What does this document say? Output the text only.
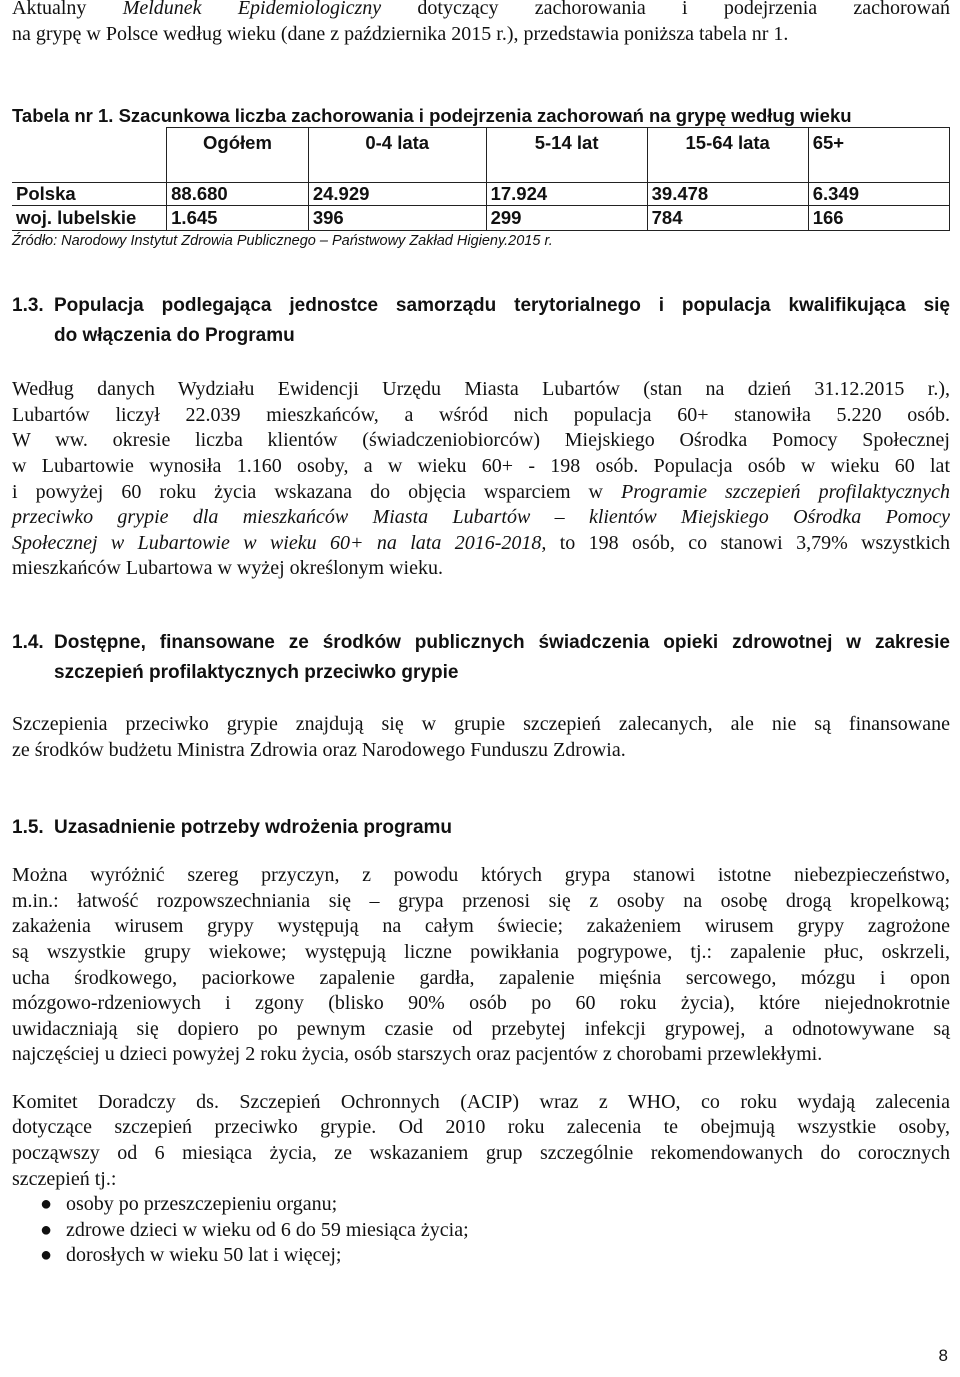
Aktualny Meldunek Epidemiologiczny dotyczący zachorowania i podejrzenia zachorowań
na grypę w Polsce według wieku (dane z października 2015 r.), przedstawia poniższa tabela nr 1.
Tabela nr 1. Szacunkowa liczba zachorowania i podejrzenia zachorowań na grypę według wieku
	Ogółem	0-4 lata	5-14 lat	15-64 lata	65+
Polska	88.680	24.929	17.924	39.478	6.349
woj. lubelskie	1.645	396	299	784	166
Źródło: Narodowy Instytut Zdrowia Publicznego – Państwowy Zakład Higieny.2015 r.
1.3. Populacja podlegająca jednostce samorządu terytorialnego i populacja kwalifikująca się
do włączenia do Programu
Według danych Wydziału Ewidencji Urzędu Miasta Lubartów (stan na dzień 31.12.2015 r.),
Lubartów liczył 22.039 mieszkańców, a wśród nich populacja 60+ stanowiła 5.220 osób.
W ww. okresie liczba klientów (świadczeniobiorców) Miejskiego Ośrodka Pomocy Społecznej
w Lubartowie wynosiła 1.160 osoby, a w wieku 60+ - 198 osób. Populacja osób w wieku 60 lat
i powyżej 60 roku życia wskazana do objęcia wsparciem w Programie szczepień profilaktycznych
przeciwko grypie dla mieszkańców Miasta Lubartów – klientów Miejskiego Ośrodka Pomocy
Społecznej w Lubartowie w wieku 60+ na lata 2016-2018, to 198 osób, co stanowi 3,79% wszystkich
mieszkańców Lubartowa w wyżej określonym wieku.
1.4. Dostępne, finansowane ze środków publicznych świadczenia opieki zdrowotnej w zakresie
szczepień profilaktycznych przeciwko grypie
Szczepienia przeciwko grypie znajdują się w grupie szczepień zalecanych, ale nie są finansowane
ze środków budżetu Ministra Zdrowia oraz Narodowego Funduszu Zdrowia.
1.5. Uzasadnienie potrzeby wdrożenia programu
Można wyróżnić szereg przyczyn, z powodu których grypa stanowi istotne niebezpieczeństwo,
m.in.: łatwość rozpowszechniania się – grypa przenosi się z osoby na osobę drogą kropelkową;
zakażenia wirusem grypy występują na całym świecie; zakażeniem wirusem grypy zagrożone
są wszystkie grupy wiekowe; występują liczne powikłania pogrypowe, tj.: zapalenie płuc, oskrzeli,
ucha środkowego, paciorkowe zapalenie gardła, zapalenie mięśnia sercowego, mózgu i opon
mózgowo-rdzeniowych i zgony (blisko 90% osób po 60 roku życia), które niejednokrotnie
uwidaczniają się dopiero po pewnym czasie od przebytej infekcji grypowej, a odnotowywane są
najczęściej u dzieci powyżej 2 roku życia, osób starszych oraz pacjentów z chorobami przewlekłymi.
Komitet Doradczy ds. Szczepień Ochronnych (ACIP) wraz z WHO, co roku wydają zalecenia
dotyczące szczepień przeciwko grypie. Od 2010 roku zalecenia te obejmują wszystkie osoby,
począwszy od 6 miesiąca życia, ze wskazaniem grup szczególnie rekomendowanych do corocznych
szczepień tj.:
● osoby po przeszczepieniu organu;
● zdrowe dzieci w wieku od 6 do 59 miesiąca życia;
● dorosłych w wieku 50 lat i więcej;
8
